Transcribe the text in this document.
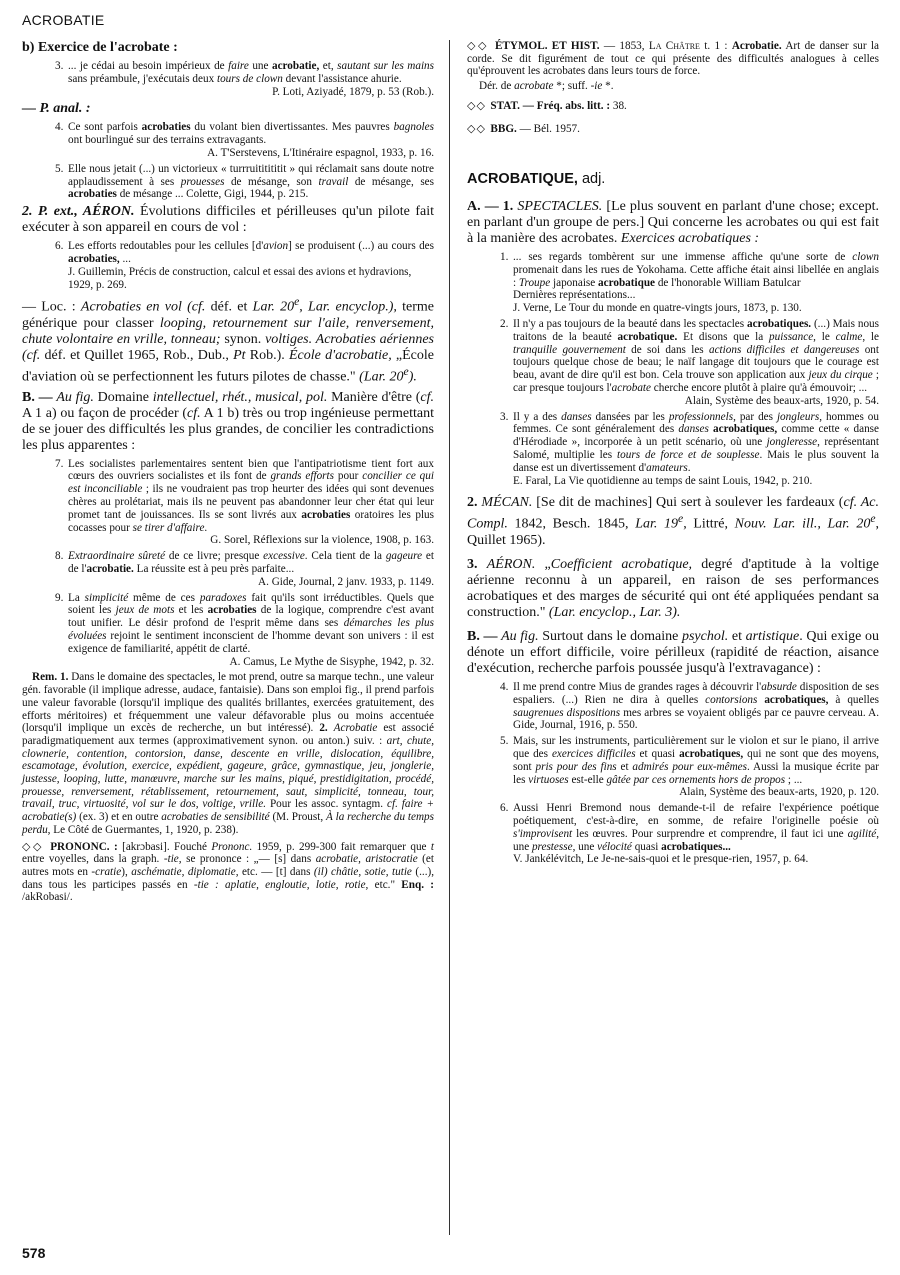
ACROBATIE

b) Exercice de l'acrobate :

3. ... je cédai au besoin impérieux de faire une acrobatie, et, sautant sur les mains sans préambule, j'exécutais deux tours de clown devant l'assistance ahurie.
P. Loti, Aziyadé, 1879, p. 53 (Rob.).

— P. anal. :

4. Ce sont parfois acrobaties du volant bien divertissantes. Mes pauvres bagnoles ont bourlingué sur des terrains extravagants.
A. T'Serstevens, L'Itinéraire espagnol, 1933, p. 16.
5. Elle nous jetait (...) un victorieux « turrruititititit » qui réclamait sans doute notre applaudissement à ses prouesses de mésange, son travail de mésange, ses acrobaties de mésange ... Colette, Gigi, 1944, p. 215.

2. P. ext., AÉRON. Évolutions difficiles et périlleuses qu'un pilote fait exécuter à son appareil en cours de vol :

6. Les efforts redoutables pour les cellules [d'avion] se produisent (...) au cours des acrobaties, ...
J. Guillemin, Précis de construction, calcul et essai des avions et hydravions, 1929, p. 269.

— Loc. : Acrobaties en vol (cf. déf. et Lar. 20e, Lar. encyclop.), terme générique pour classer looping, retournement sur l'aile, renversement, chute volontaire en vrille, tonneau; synon. voltiges. Acrobaties aériennes (cf. déf. et Quillet 1965, Rob., Dub., Pt Rob.). École d'acrobatie, „École d'aviation où se perfectionnent les futurs pilotes de chasse." (Lar. 20e).

B. — Au fig. Domaine intellectuel, rhét., musical, pol. Manière d'être (cf. A 1 a) ou façon de procéder (cf. A 1 b) très ou trop ingénieuse permettant de se jouer des difficultés les plus grandes, de concilier les contradictions les plus apparentes :

7. Les socialistes parlementaires sentent bien que l'antipatriotisme tient fort aux cœurs des ouvriers socialistes et ils font de grands efforts pour concilier ce qui est inconciliable ; ils ne voudraient pas trop heurter des idées qui sont devenues chères au prolétariat, mais ils ne peuvent pas abandonner leur cher état qui leur promet tant de jouissances. Ils se sont livrés aux acrobaties oratoires les plus cocasses pour se tirer d'affaire.
G. Sorel, Réflexions sur la violence, 1908, p. 163.
8. Extraordinaire sûreté de ce livre; presque excessive. Cela tient de la gageure et de l'acrobatie. La réussite est à peu près parfaite...
A. Gide, Journal, 2 janv. 1933, p. 1149.
9. La simplicité même de ces paradoxes fait qu'ils sont irréductibles. Quels que soient les jeux de mots et les acrobaties de la logique, comprendre c'est avant tout unifier. Le désir profond de l'esprit même dans ses démarches les plus évoluées rejoint le sentiment inconscient de l'homme devant son univers : il est exigence de familiarité, appétit de clarté.
A. Camus, Le Mythe de Sisyphe, 1942, p. 32.

Rem. 1. Dans le domaine des spectacles, le mot prend, outre sa marque techn., une valeur gén. favorable (il implique adresse, audace, fantaisie). Dans son emploi fig., il prend parfois une valeur favorable (lorsqu'il implique des qualités brillantes, exercées gratuitement, des efforts méritoires) et fréquemment une valeur défavorable plus ou moins accentuée (lorsqu'il implique un excès de recherche, un but intéressé). 2. Acrobatie est associé paradigmatiquement aux termes (approximativement synon. ou anton.) suiv. : art, chute, clownerie, contention, contorsion, danse, descente en vrille, dislocation, équilibre, escamotage, évolution, exercice, expédient, gageure, grâce, gymnastique, jeu, jonglerie, justesse, looping, lutte, manœuvre, marche sur les mains, piqué, prestidigitation, procédé, prouesse, renversement, rétablissement, retournement, saut, simplicité, tonneau, tour, travail, truc, virtuosité, vol sur le dos, voltige, vrille. Pour les assoc. syntagm. cf. faire + acrobatie(s) (ex. 3) et en outre acrobaties de sensibilité (M. Proust, À la recherche du temps perdu, Le Côté de Guermantes, 1, 1920, p. 238).

◇◇ PRONONC. : [akrɔbasi]. Fouché Prononc. 1959, p. 299-300 fait remarquer que t entre voyelles, dans la graph. -tie, se prononce : „— [s] dans acrobatie, aristocratie (et autres mots en -cratie), aschématie, diplomatie, etc. — [t] dans (il) châtie, sotie, tutie (...), dans tous les participes passés en -tie : aplatie, engloutie, lotie, rotie, etc." Enq. : /akRobasi/.

◇◇ ÉTYMOL. ET HIST. — 1853, La Châtre t. 1 : Acrobatie. Art de danser sur la corde. Se dit figurément de tout ce qui présente des difficultés analogues à celles qu'éprouvent les acrobates dans leurs tours de force.

Dér. de acrobate *; suff. -ie *.

◇◇ STAT. — Fréq. abs. litt. : 38.

◇◇ BBG. — Bél. 1957.

ACROBATIQUE, adj.

A. — 1. SPECTACLES. [Le plus souvent en parlant d'une chose; except. en parlant d'un groupe de pers.] Qui concerne les acrobates ou qui est fait à la manière des acrobates. Exercices acrobatiques :

1. ... ses regards tombèrent sur une immense affiche qu'une sorte de clown promenait dans les rues de Yokohama. Cette affiche était ainsi libellée en anglais : Troupe japonaise acrobatique de l'honorable William Batulcar
Dernières représentations...
J. Verne, Le Tour du monde en quatre-vingts jours, 1873, p. 130.
2. Il n'y a pas toujours de la beauté dans les spectacles acrobatiques. (...) Mais nous traitons de la beauté acrobatique. Et disons que la puissance, le calme, le tranquille gouvernement de soi dans les actions difficiles et dangereuses ont toujours quelque chose de beau; le naïf langage dit toujours que le courage est beau, avant de dire qu'il est bon. Cela trouve son application aux jeux du cirque ; car presque toujours l'acrobate cherche encore plutôt à plaire qu'à émouvoir; ...
Alain, Système des beaux-arts, 1920, p. 54.
3. Il y a des danses dansées par les professionnels, par des jongleurs, hommes ou femmes. Ce sont généralement des danses acrobatiques, comme cette « danse d'Hérodiade », incorporée à un petit scénario, où une jongleresse, représentant Salomé, multiplie les tours de force et de souplesse. Mais le plus souvent la danse est un divertissement d'amateurs.
E. Faral, La Vie quotidienne au temps de saint Louis, 1942, p. 210.

2. MÉCAN. [Se dit de machines] Qui sert à soulever les fardeaux (cf. Ac. Compl. 1842, Besch. 1845, Lar. 19e, Littré, Nouv. Lar. ill., Lar. 20e, Quillet 1965).

3. AÉRON. „Coefficient acrobatique, degré d'aptitude à la voltige aérienne reconnu à un appareil, en raison de ses performances acrobatiques et des marges de sécurité qui ont été appliquées pendant sa construction." (Lar. encyclop., Lar. 3).

B. — Au fig. Surtout dans le domaine psychol. et artistique. Qui exige ou dénote un effort difficile, voire périlleux (rapidité de réaction, aisance d'exécution, recherche parfois poussée jusqu'à l'extravagance) :

4. Il me prend contre Mius de grandes rages à découvrir l'absurde disposition de ses espaliers. (...) Rien ne dira à quelles contorsions acrobatiques, à quelles saugrenues dispositions mes arbres se voyaient obligés par ce pauvre cerveau. A. Gide, Journal, 1916, p. 550.
5. Mais, sur les instruments, particulièrement sur le violon et sur le piano, il arrive que des exercices difficiles et quasi acrobatiques, qui ne sont que des moyens, sont pris pour des fins et admirés pour eux-mêmes. Aussi la musique écrite par les virtuoses est-elle gâtée par ces ornements hors de propos ; ...
Alain, Système des beaux-arts, 1920, p. 120.
6. Aussi Henri Bremond nous demande-t-il de refaire l'expérience poétique poétiquement, c'est-à-dire, en somme, de refaire l'originelle poésie où s'improvisent les œuvres. Pour surprendre et comprendre, il faut ici une agilité, une prestesse, une vélocité quasi acrobatiques...
V. Jankélévitch, Le Je-ne-sais-quoi et le presque-rien, 1957, p. 64.
578
